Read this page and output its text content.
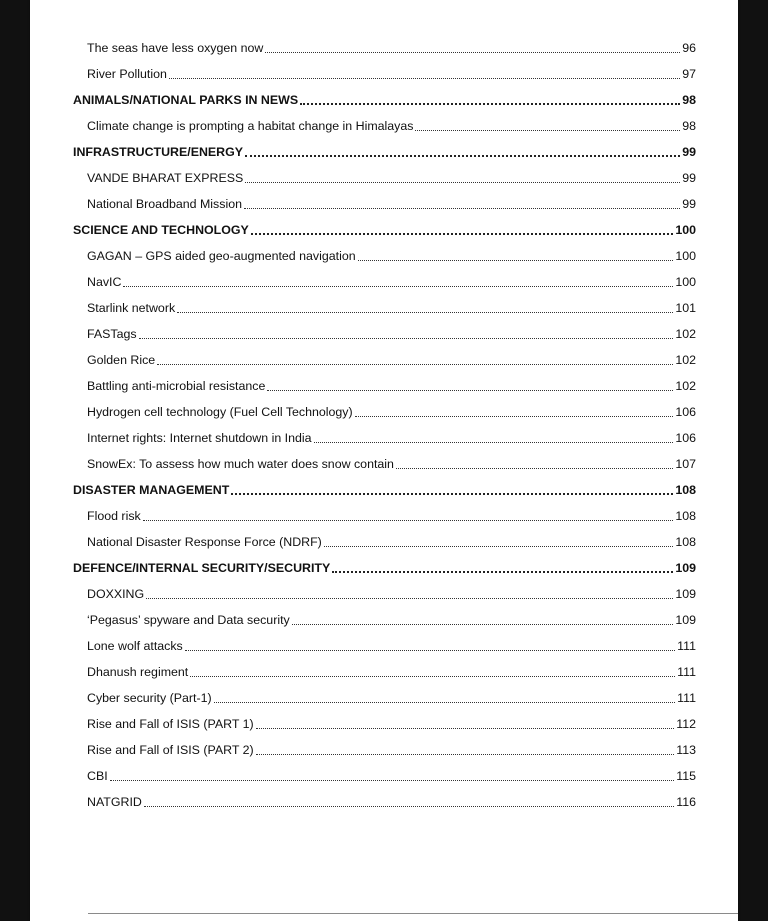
The seas have less oxygen now	96
River Pollution	97
ANIMALS/NATIONAL PARKS IN NEWS	98
Climate change is prompting a habitat change in Himalayas	98
INFRASTRUCTURE/ENERGY	99
VANDE BHARAT EXPRESS	99
National Broadband Mission	99
SCIENCE AND TECHNOLOGY	100
GAGAN – GPS aided geo-augmented navigation	100
NavIC	100
Starlink network	101
FASTags	102
Golden Rice	102
Battling anti-microbial resistance	102
Hydrogen cell technology (Fuel Cell Technology)	106
Internet rights: Internet shutdown in India	106
SnowEx: To assess how much water does snow contain	107
DISASTER MANAGEMENT	108
Flood risk	108
National Disaster Response Force (NDRF)	108
DEFENCE/INTERNAL SECURITY/SECURITY	109
DOXXING	109
‘Pegasus’ spyware and Data security	109
Lone wolf attacks	111
Dhanush regiment	111
Cyber security (Part-1)	111
Rise and Fall of ISIS (PART 1)	112
Rise and Fall of ISIS (PART 2)	113
CBI	115
NATGRID	116
